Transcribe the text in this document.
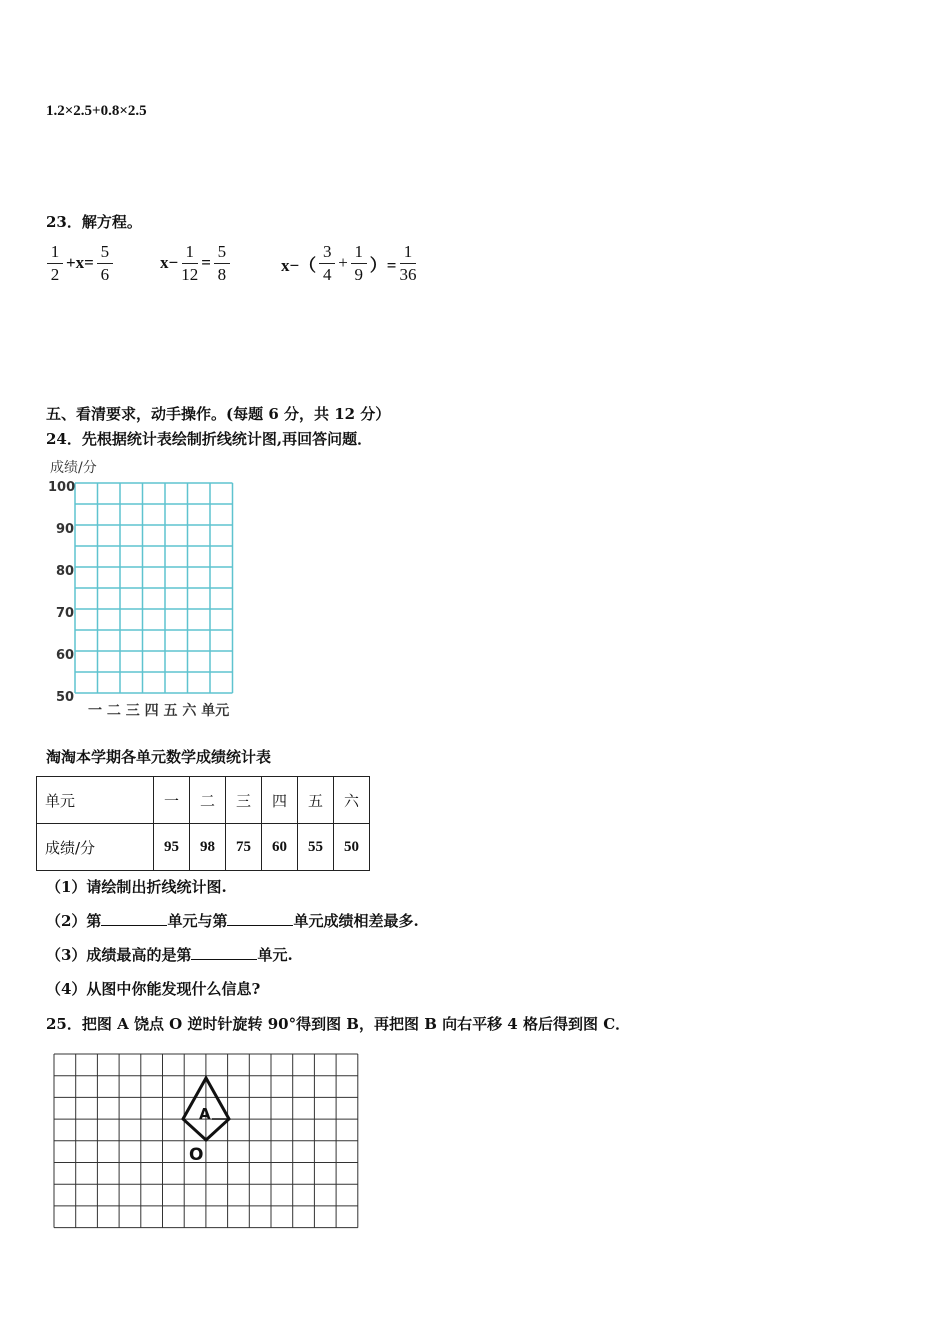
1.2×2.5+0.8×2.5
23．解方程。
$\frac{1}{2} +x= \frac{5}{6}$	$x- \frac{1}{12} = \frac{5}{8}$	$x-( \frac{3}{4} + \frac{1}{9}$ ）= $\frac{1}{36}$
五、看清要求，动手操作。(每题 6 分，共 12 分）
24．先根据统计表绘制折线统计图,再回答问题．
成绩/分
100
90
80
70
60
50
一 二 三 四 五 六 单元
淘淘本学期各单元数学成绩统计表
单元	一	二	三	四	五	六
成绩/分	95	98	75	60	55	50
（1）请绘制出折线统计图.
（2）第	单元与第	单元成绩相差最多.
（3）成绩最高的是第	单元.
（4）从图中你能发现什么信息?
25．把图 A 饶点 O 逆时针旋转 90°得到图 B，再把图 B 向右平移 4 格后得到图 C．
A
O
